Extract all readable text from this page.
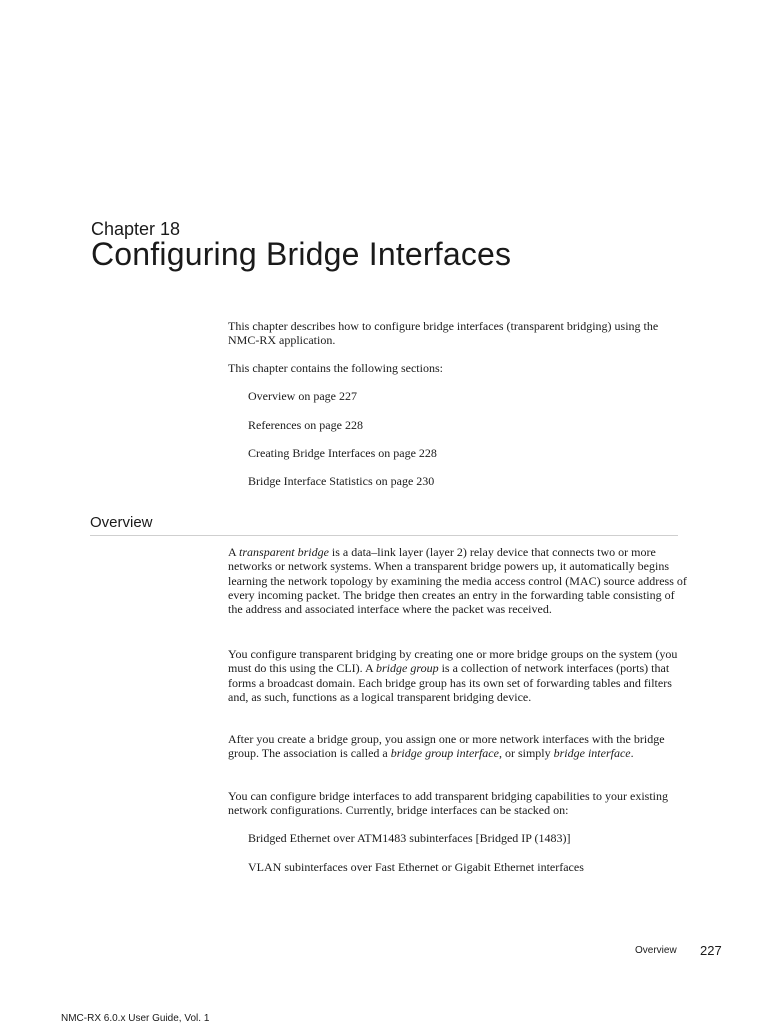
Chapter 18
Configuring Bridge Interfaces
This chapter describes how to configure bridge interfaces (transparent bridging) using the NMC-RX application.
This chapter contains the following sections:
Overview on page 227
References on page 228
Creating Bridge Interfaces on page 228
Bridge Interface Statistics on page 230
Overview
A transparent bridge is a data–link layer (layer 2) relay device that connects two or more networks or network systems. When a transparent bridge powers up, it automatically begins learning the network topology by examining the media access control (MAC) source address of every incoming packet. The bridge then creates an entry in the forwarding table consisting of the address and associated interface where the packet was received.
You configure transparent bridging by creating one or more bridge groups on the system (you must do this using the CLI). A bridge group is a collection of network interfaces (ports) that forms a broadcast domain. Each bridge group has its own set of forwarding tables and filters and, as such, functions as a logical transparent bridging device.
After you create a bridge group, you assign one or more network interfaces with the bridge group. The association is called a bridge group interface, or simply bridge interface.
You can configure bridge interfaces to add transparent bridging capabilities to your existing network configurations. Currently, bridge interfaces can be stacked on:
Bridged Ethernet over ATM1483 subinterfaces [Bridged IP (1483)]
VLAN subinterfaces over Fast Ethernet or Gigabit Ethernet interfaces
Overview 227
NMC-RX 6.0.x User Guide, Vol. 1
